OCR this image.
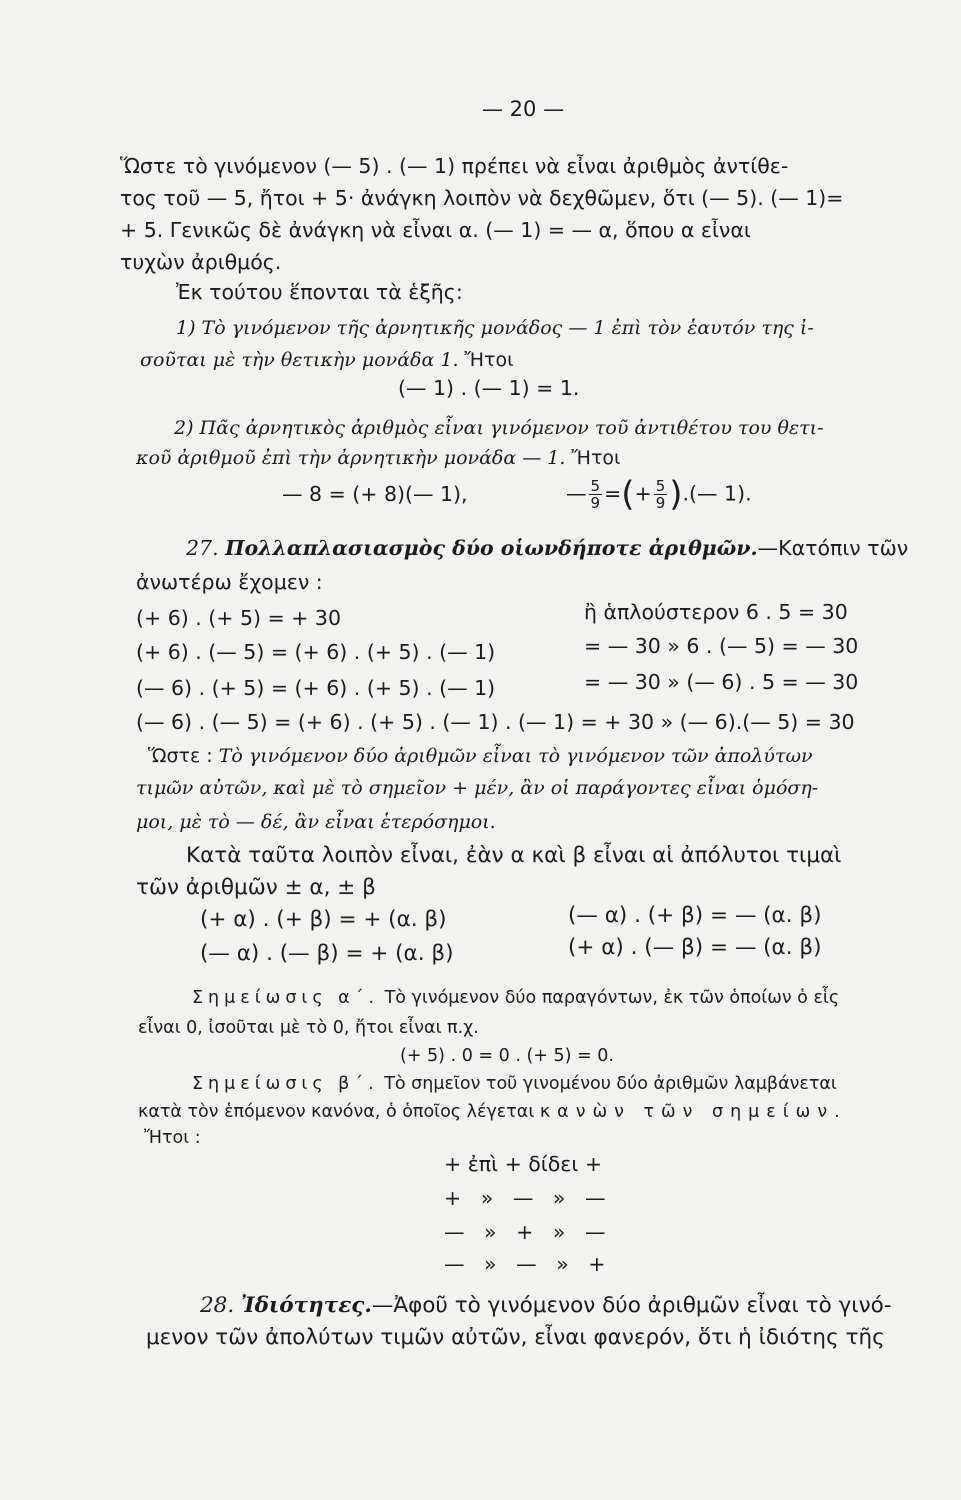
— 20 —
Ὥστε τὸ γινόμενον (— 5) . (— 1) πρέπει νὰ εἶναι ἀριθμὸς ἀντίθε-
τος τοῦ — 5, ἤτοι + 5· ἀνάγκη λοιπὸν νὰ δεχθῶμεν, ὅτι (— 5). (— 1)=
+ 5. Γενικῶς δὲ ἀνάγκη νὰ εἶναι α. (— 1) = — α, ὅπου α εἶναι
τυχὼν ἀριθμός.
Ἐκ τούτου ἕπονται τὰ ἑξῆς:
1) Τὸ γινόμενον τῆς ἀρνητικῆς μονάδος — 1 ἐπὶ τὸν ἑαυτόν της ἰ-
σοῦται μὲ τὴν θετικὴν μονάδα 1. Ἤτοι
(— 1) . (— 1) = 1.
2) Πᾶς ἀρνητικὸς ἀριθμὸς εἶναι γινόμενον τοῦ ἀντιθέτου του θετι-
κοῦ ἀριθμοῦ ἐπὶ τὴν ἀρνητικὴν μονάδα — 1. Ἤτοι
— 8 = (+ 8)(— 1),	— $\frac{5}{9}$ =(+ $\frac{5}{9}$ ).(— 1).
27. Πολλαπλασιασμὸς δύο οἱωνδήποτε ἀριθμῶν.—Κατόπιν τῶν
ἀνωτέρω ἔχομεν :
(+ 6) . (+ 5) = + 30	ἢ ἁπλούστερον 6 . 5 = 30
(+ 6) . (— 5) = (+ 6) . (+ 5) . (— 1)	= — 30 » 6 . (— 5) = — 30
(— 6) . (+ 5) = (+ 6) . (+ 5) . (— 1)	= — 30 » (— 6) . 5 = — 30
(— 6) . (— 5) = (+ 6) . (+ 5) . (— 1) . (— 1) = + 30 » (— 6).(— 5) = 30
Ὥστε : Τὸ γινόμενον δύο ἀριθμῶν εἶναι τὸ γινόμενον τῶν ἀπολύτων
τιμῶν αὐτῶν, καὶ μὲ τὸ σημεῖον + μέν, ἂν οἱ παράγοντες εἶναι ὁμόση-
μοι, μὲ τὸ — δέ, ἂν εἶναι ἑτερόσημοι.
Κατὰ ταῦτα λοιπὸν εἶναι, ἐὰν α καὶ β εἶναι αἱ ἀπόλυτοι τιμαὶ
τῶν ἀριθμῶν ± α, ± β
(+ α) . (+ β) = + (α. β)	(— α) . (+ β) = — (α. β)
(— α) . (— β) = + (α. β)	(+ α) . (— β) = — (α. β)
Σημείωσις α΄. Τὸ γινόμενον δύο παραγόντων, ἐκ τῶν ὁποίων ὁ εἷς
εἶναι 0, ἰσοῦται μὲ τὸ 0, ἤτοι εἶναι π.χ.
(+ 5) . 0 = 0 . (+ 5) = 0.
Σημείωσις β΄. Τὸ σημεῖον τοῦ γινομένου δύο ἀριθμῶν λαμβάνεται
κατὰ τὸν ἑπόμενον κανόνα, ὁ ὁποῖος λέγεται κανὼν τῶν σημείων.
Ἤτοι :
+ ἐπὶ + δίδει +
+   »   —   »   —
—   »   +   »   —
—   »   —   »   +
28. Ἰδιότητες.—Ἀφοῦ τὸ γινόμενον δύο ἀριθμῶν εἶναι τὸ γινό-
μενον τῶν ἀπολύτων τιμῶν αὐτῶν, εἶναι φανερόν, ὅτι ἡ ἰδιότης τῆς
